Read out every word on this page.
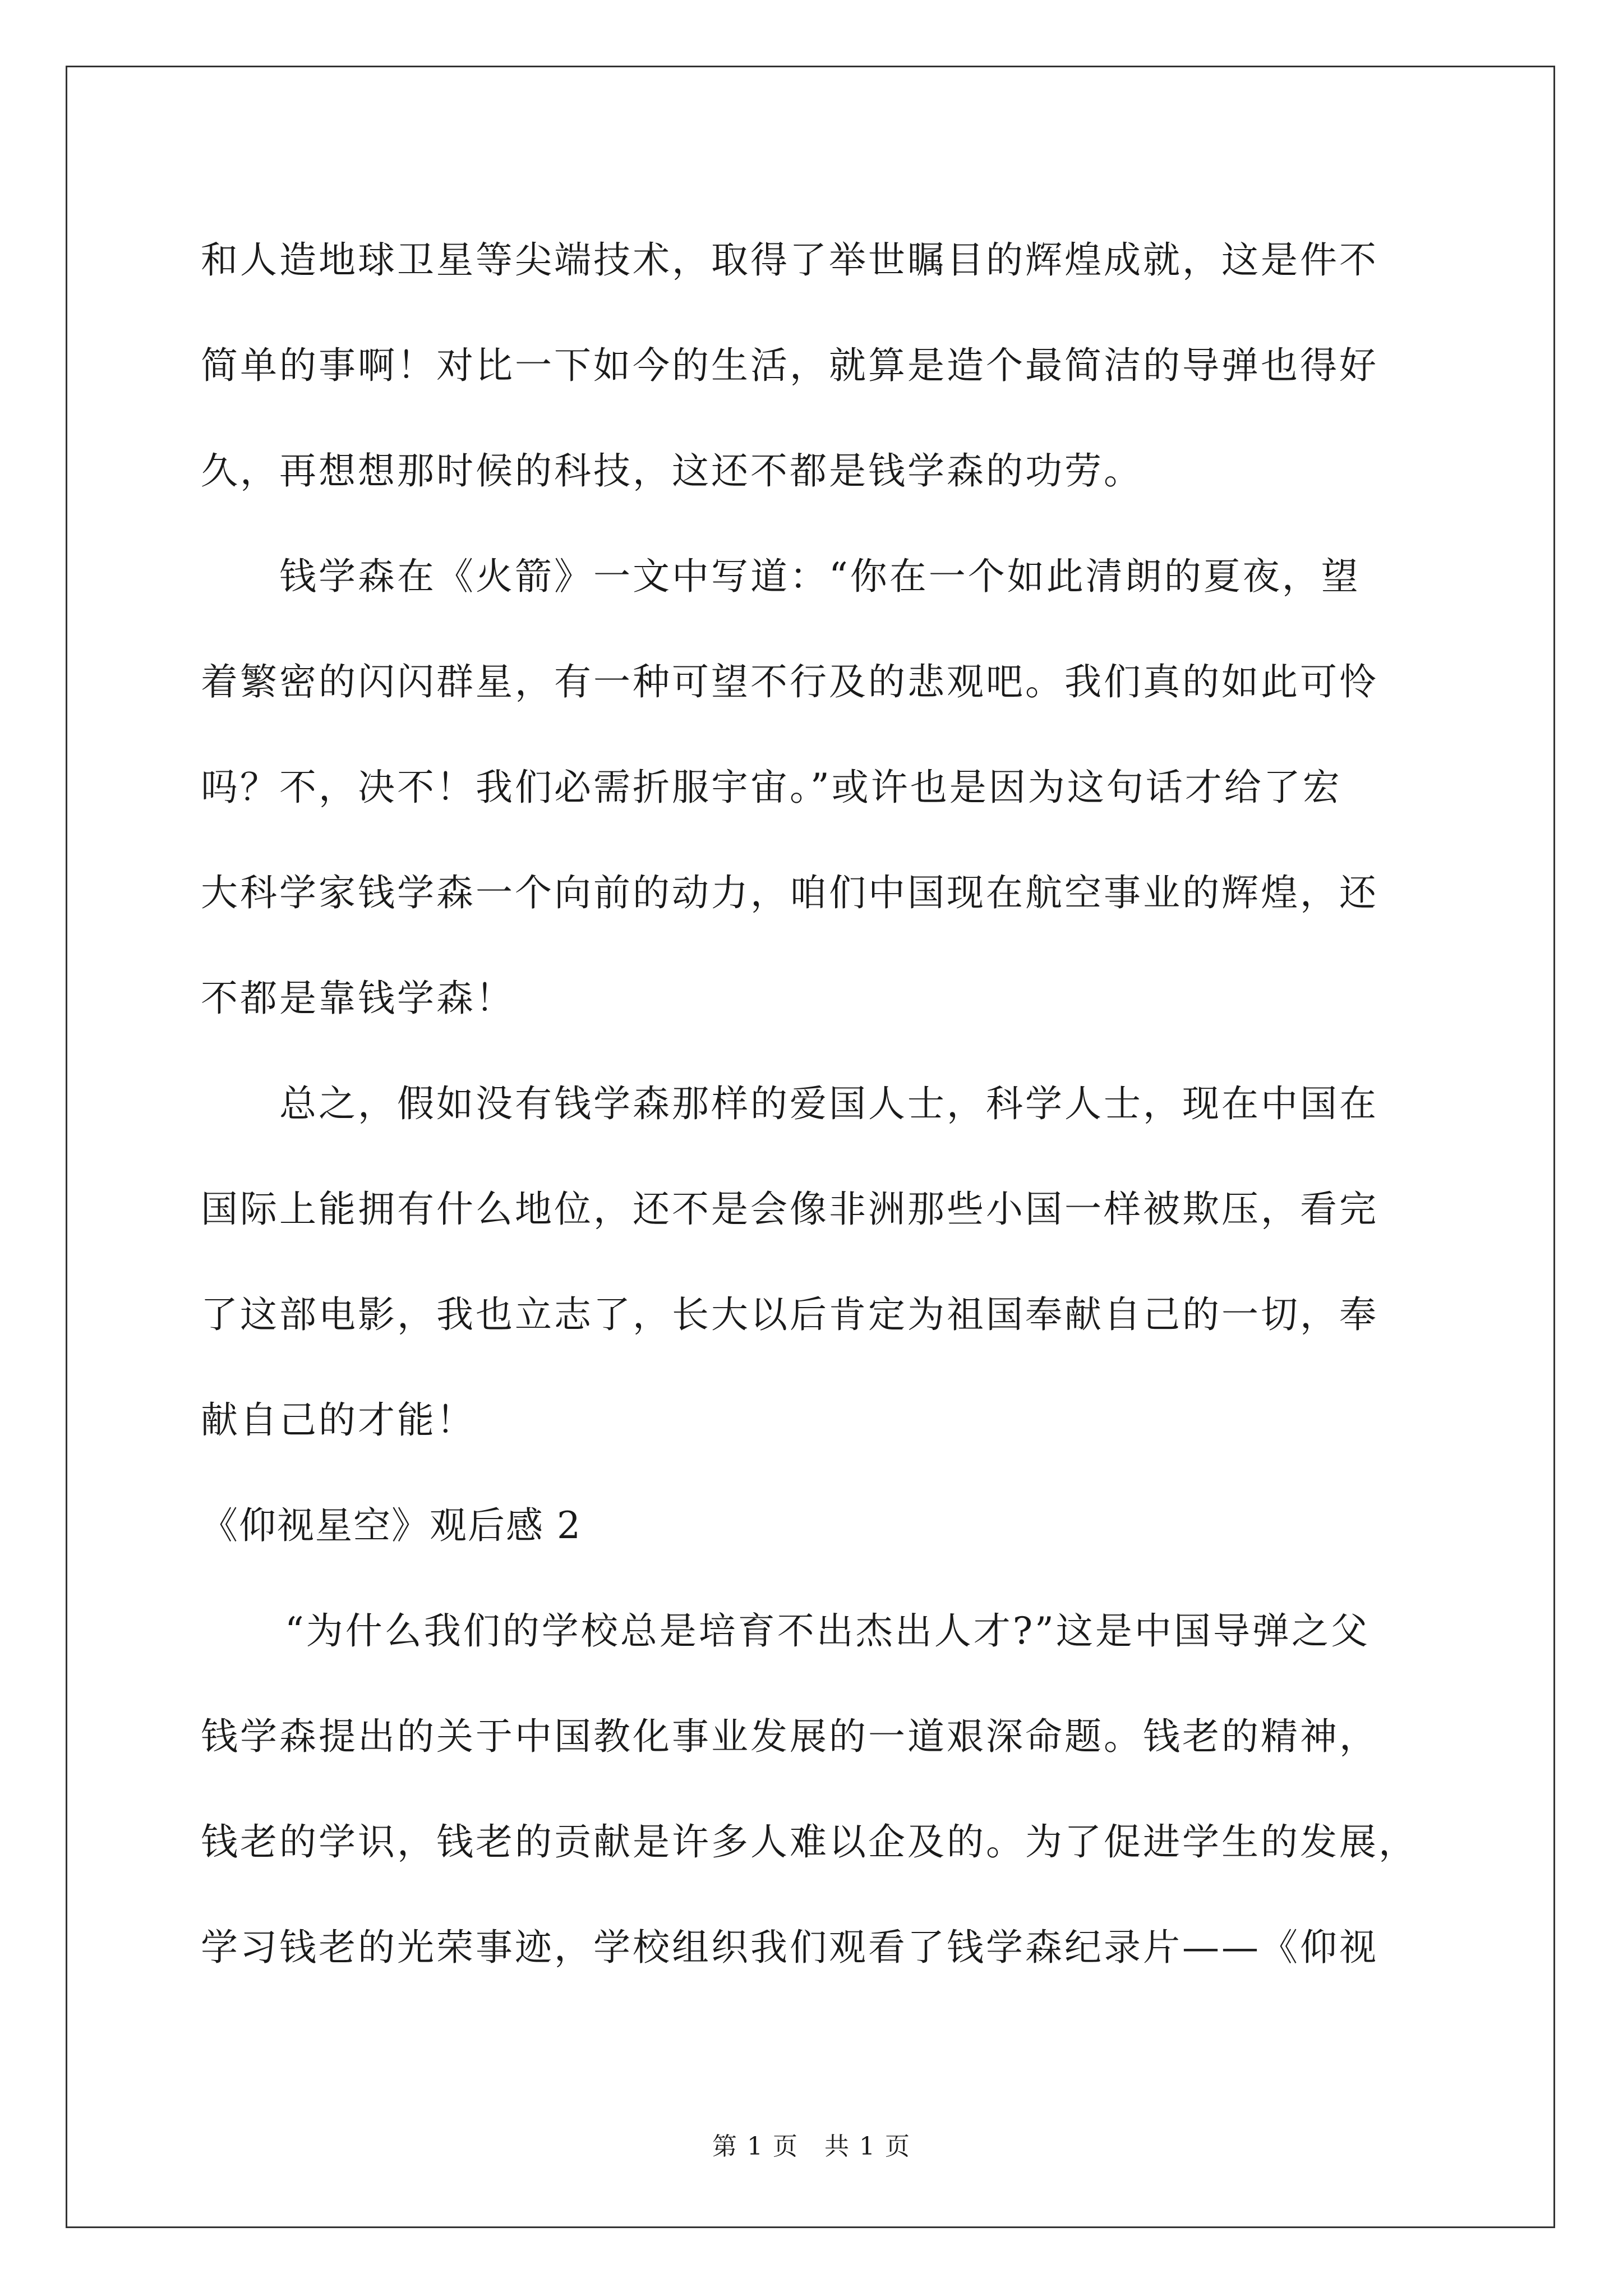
和人造地球卫星等尖端技术，取得了举世瞩目的辉煌成就，这是件不
简单的事啊！对比一下如今的生活，就算是造个最简洁的导弹也得好
久，再想想那时候的科技，这还不都是钱学森的功劳。
钱学森在《火箭》一文中写道：“你在一个如此清朗的夏夜，望
着繁密的闪闪群星，有一种可望不行及的悲观吧。我们真的如此可怜
吗？不，决不！我们必需折服宇宙。”或许也是因为这句话才给了宏
大科学家钱学森一个向前的动力，咱们中国现在航空事业的辉煌，还
不都是靠钱学森！
总之，假如没有钱学森那样的爱国人士，科学人士，现在中国在
国际上能拥有什么地位，还不是会像非洲那些小国一样被欺压，看完
了这部电影，我也立志了，长大以后肯定为祖国奉献自己的一切，奉
献自己的才能！
《仰视星空》观后感 2
“为什么我们的学校总是培育不出杰出人才?”这是中国导弹之父
钱学森提出的关于中国教化事业发展的一道艰深命题。钱老的精神，
钱老的学识，钱老的贡献是许多人难以企及的。为了促进学生的发展，
学习钱老的光荣事迹，学校组织我们观看了钱学森纪录片——《仰视
第 1 页　共 1 页
